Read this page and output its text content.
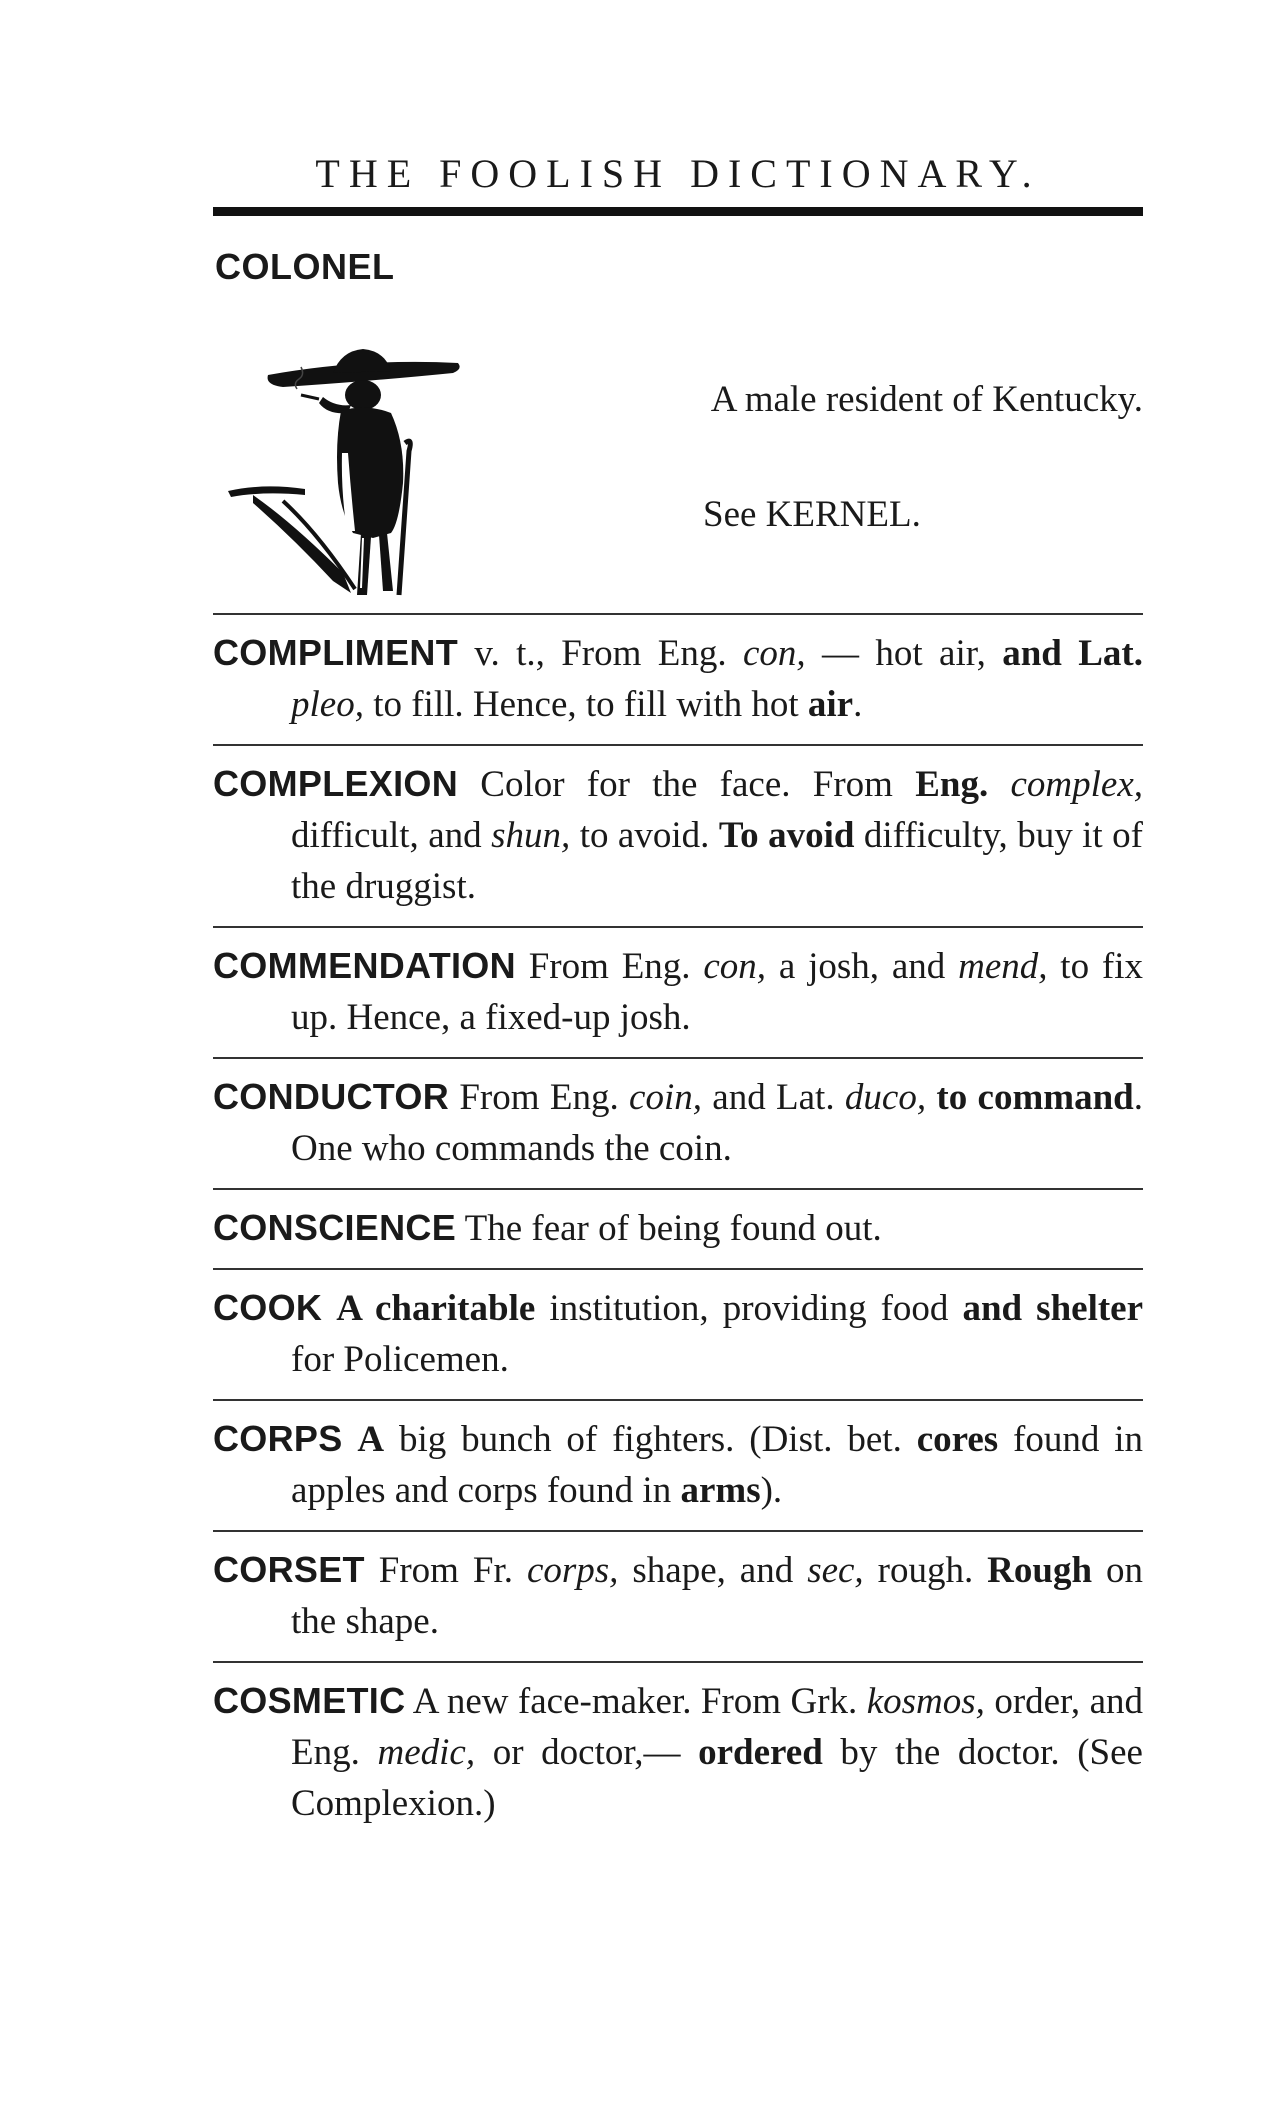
THE FOOLISH DICTIONARY.
COLONEL

A male resident of Kentucky.

See KERNEL.

COMPLIMENT v. t., From Eng. con, — hot air, and Lat. pleo, to fill. Hence, to fill with hot air.

COMPLEXION Color for the face. From Eng. complex, difficult, and shun, to avoid. To avoid difficulty, buy it of the druggist.

COMMENDATION From Eng. con, a josh, and mend, to fix up. Hence, a fixed-up josh.

CONDUCTOR From Eng. coin, and Lat. duco, to command. One who commands the coin.

CONSCIENCE The fear of being found out.

COOK A charitable institution, providing food and shelter for Policemen.

CORPS A big bunch of fighters. (Dist. bet. cores found in apples and corps found in arms).

CORSET From Fr. corps, shape, and sec, rough. Rough on the shape.

COSMETIC A new face-maker. From Grk. kosmos, order, and Eng. medic, or doctor,— ordered by the doctor. (See Complexion.)
